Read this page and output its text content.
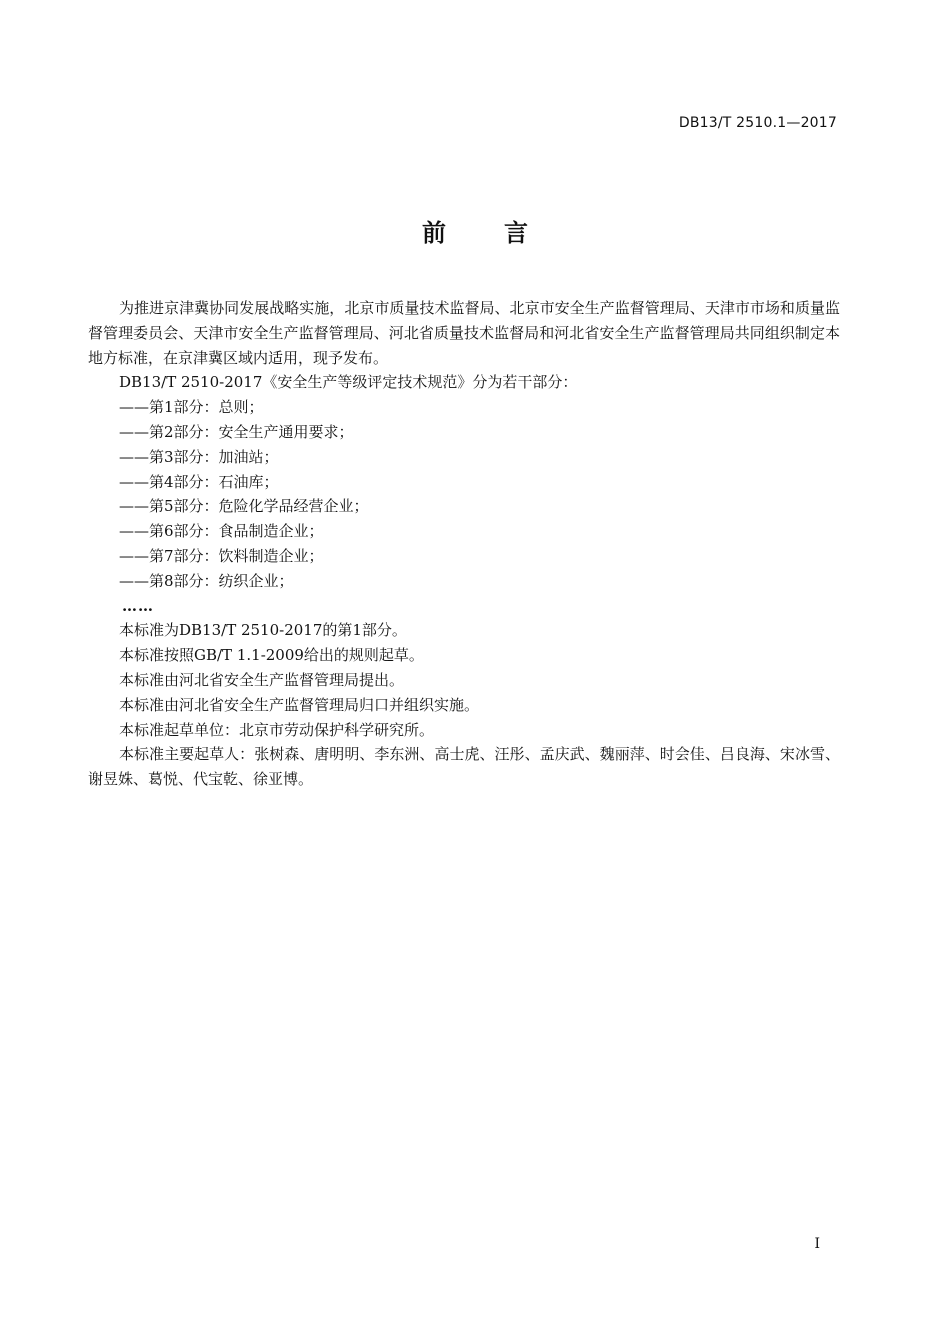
DB13/T 2510.1—2017
前 言

为推进京津冀协同发展战略实施，北京市质量技术监督局、北京市安全生产监督管理局、天津市市场和质量监督管理委员会、天津市安全生产监督管理局、河北省质量技术监督局和河北省安全生产监督管理局共同组织制定本地方标准，在京津冀区域内适用，现予发布。

DB13/T 2510-2017《安全生产等级评定技术规范》分为若干部分：

——第1部分：总则；

——第2部分：安全生产通用要求；

——第3部分：加油站；

——第4部分：石油库；

——第5部分：危险化学品经营企业；

——第6部分：食品制造企业；

——第7部分：饮料制造企业；

——第8部分：纺织企业；

……

本标准为DB13/T 2510-2017的第1部分。

本标准按照GB/T 1.1-2009给出的规则起草。

本标准由河北省安全生产监督管理局提出。

本标准由河北省安全生产监督管理局归口并组织实施。

本标准起草单位：北京市劳动保护科学研究所。

本标准主要起草人：张树森、唐明明、李东洲、高士虎、汪彤、孟庆武、魏丽萍、时会佳、吕良海、宋冰雪、谢昱姝、葛悦、代宝乾、徐亚博。

I
